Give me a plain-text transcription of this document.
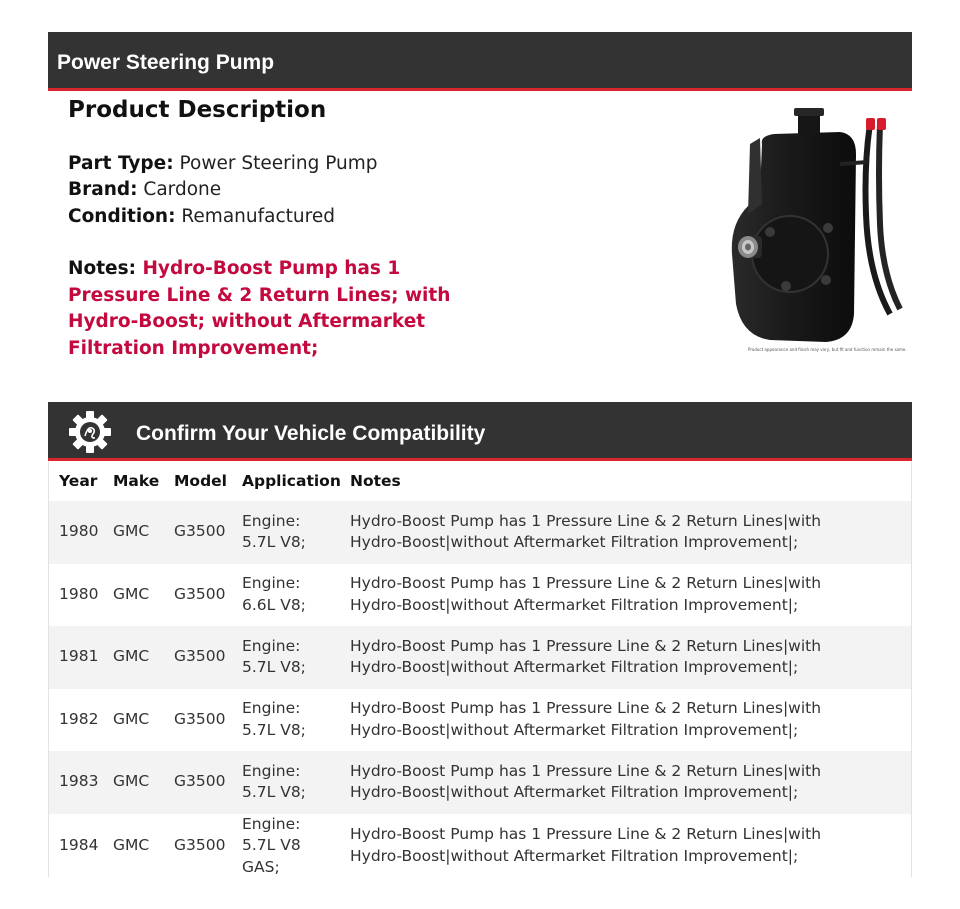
Power Steering Pump
Product Description
Part Type: Power Steering Pump
Brand: Cardone
Condition: Remanufactured
Notes: Hydro-Boost Pump has 1 Pressure Line & 2 Return Lines; with Hydro-Boost; without Aftermarket Filtration Improvement;	Product appearance and finish may vary, but fit and function remain the same.
Confirm Your Vehicle Compatibility
Year	Make	Model	Application	Notes
1980	GMC	G3500	Engine: 5.7L V8;	Hydro-Boost Pump has 1 Pressure Line & 2 Return Lines|with Hydro-Boost|without Aftermarket Filtration Improvement|;
1980	GMC	G3500	Engine: 6.6L V8;	Hydro-Boost Pump has 1 Pressure Line & 2 Return Lines|with Hydro-Boost|without Aftermarket Filtration Improvement|;
1981	GMC	G3500	Engine: 5.7L V8;	Hydro-Boost Pump has 1 Pressure Line & 2 Return Lines|with Hydro-Boost|without Aftermarket Filtration Improvement|;
1982	GMC	G3500	Engine: 5.7L V8;	Hydro-Boost Pump has 1 Pressure Line & 2 Return Lines|with Hydro-Boost|without Aftermarket Filtration Improvement|;
1983	GMC	G3500	Engine: 5.7L V8;	Hydro-Boost Pump has 1 Pressure Line & 2 Return Lines|with Hydro-Boost|without Aftermarket Filtration Improvement|;
1984	GMC	G3500	Engine: 5.7L V8 GAS;	Hydro-Boost Pump has 1 Pressure Line & 2 Return Lines|with Hydro-Boost|without Aftermarket Filtration Improvement|;
